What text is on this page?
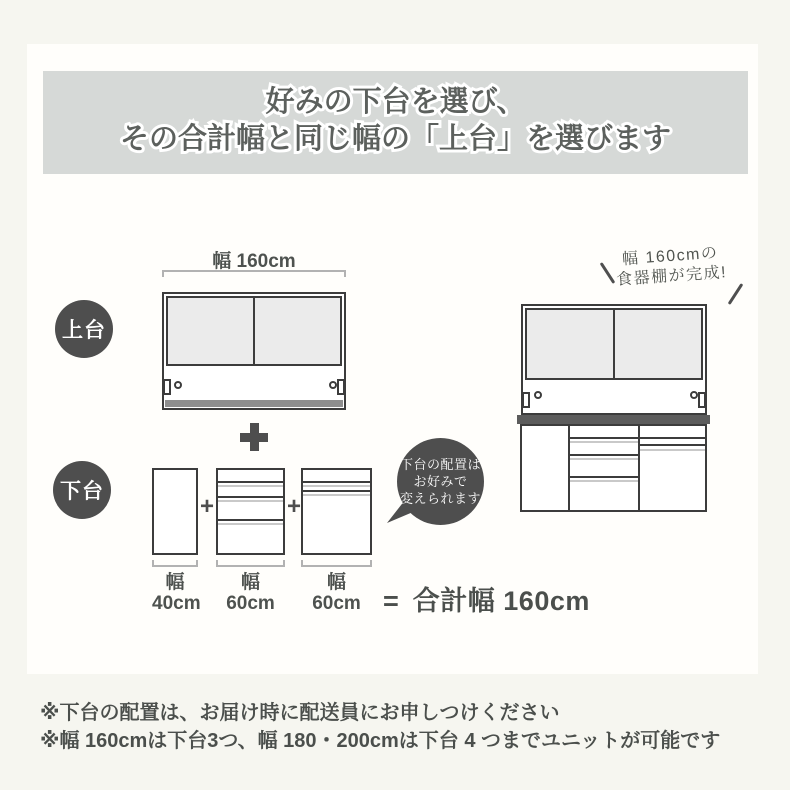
好みの下台を選び、
その合計幅と同じ幅の「上台」を選びます
上台
幅 160cm
下台
+	+
幅
40cm
幅
60cm
幅
60cm = 合計幅 160cm
下台の配置は
お好みで
変えられます
幅 160cmの
食器棚が完成!
※下台の配置は、お届け時に配送員にお申しつけください
※幅 160cmは下台3つ、幅 180・200cmは下台 4 つまでユニットが可能です
